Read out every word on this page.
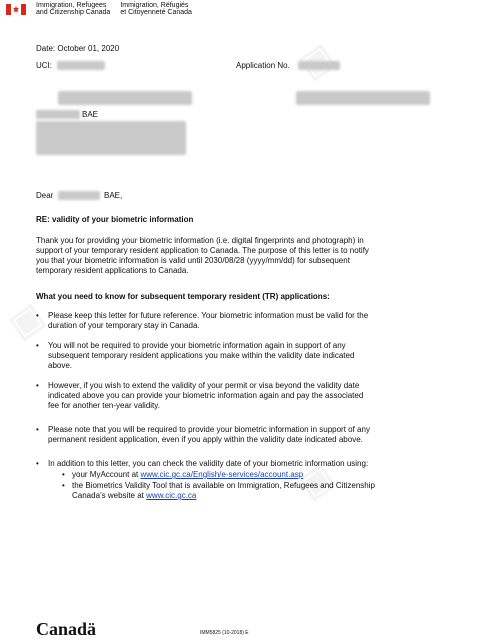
Immigration, Refugees
and Citizenship Canada
Immigration, Réfugiés
et Citoyenneté Canada
Date: October 01, 2020
UCI:	Application No.
BAE
Dear	BAE,
RE: validity of your biometric information
Thank you for providing your biometric information (i.e. digital fingerprints and photograph) in
support of your temporary resident application to Canada. The purpose of this letter is to notify
you that your biometric information is valid until 2030/08/28 (yyyy/mm/dd) for subsequent
temporary resident applications to Canada.
What you need to know for subsequent temporary resident (TR) applications:
• Please keep this letter for future reference. Your biometric information must be valid for the
duration of your temporary stay in Canada.
• You will not be required to provide your biometric information again in support of any
subsequent temporary resident applications you make within the validity date indicated
above.
• However, if you wish to extend the validity of your permit or visa beyond the validity date
indicated above you can provide your biometric information again and pay the associated
fee for another ten-year validity.
• Please note that you will be required to provide your biometric information in support of any
permanent resident application, even if you apply within the validity date indicated above.
• In addition to this letter, you can check the validity date of your biometric information using:
• your MyAccount at www.cic.gc.ca/English/e-services/account.asp
• the Biometrics Validity Tool that is available on Immigration, Refugees and Citizenship
Canada’s website at www.cic.gc.ca
Canadä	IMM5825 (10-2018) E
